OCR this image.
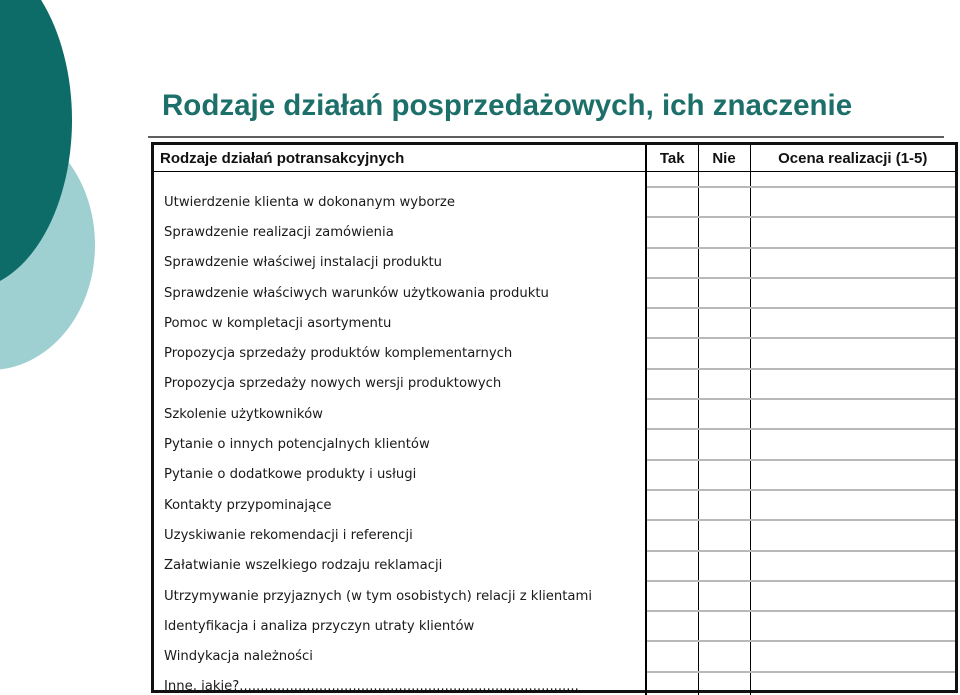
Rodzaje działań posprzedażowych, ich znaczenie
Rodzaje działań potransakcyjnych	Tak	Nie	Ocena realizacji (1-5)

Utwierdzenie klienta w dokonanym wyborze			
Sprawdzenie realizacji zamówienia			
Sprawdzenie właściwej instalacji produktu			
Sprawdzenie właściwych warunków użytkowania produktu			
Pomoc w kompletacji asortymentu			
Propozycja sprzedaży produktów komplementarnych			
Propozycja sprzedaży nowych wersji produktowych			
Szkolenie użytkowników			
Pytanie o innych potencjalnych klientów			
Pytanie o dodatkowe produkty i usługi			
Kontakty przypominające			
Uzyskiwanie rekomendacji i referencji			
Załatwianie wszelkiego rodzaju reklamacji			
Utrzymywanie przyjaznych (w tym osobistych) relacji z klientami			
Identyfikacja i analiza przyczyn utraty klientów			
Windykacja należności			
Inne, jakie?.................................................................................			
